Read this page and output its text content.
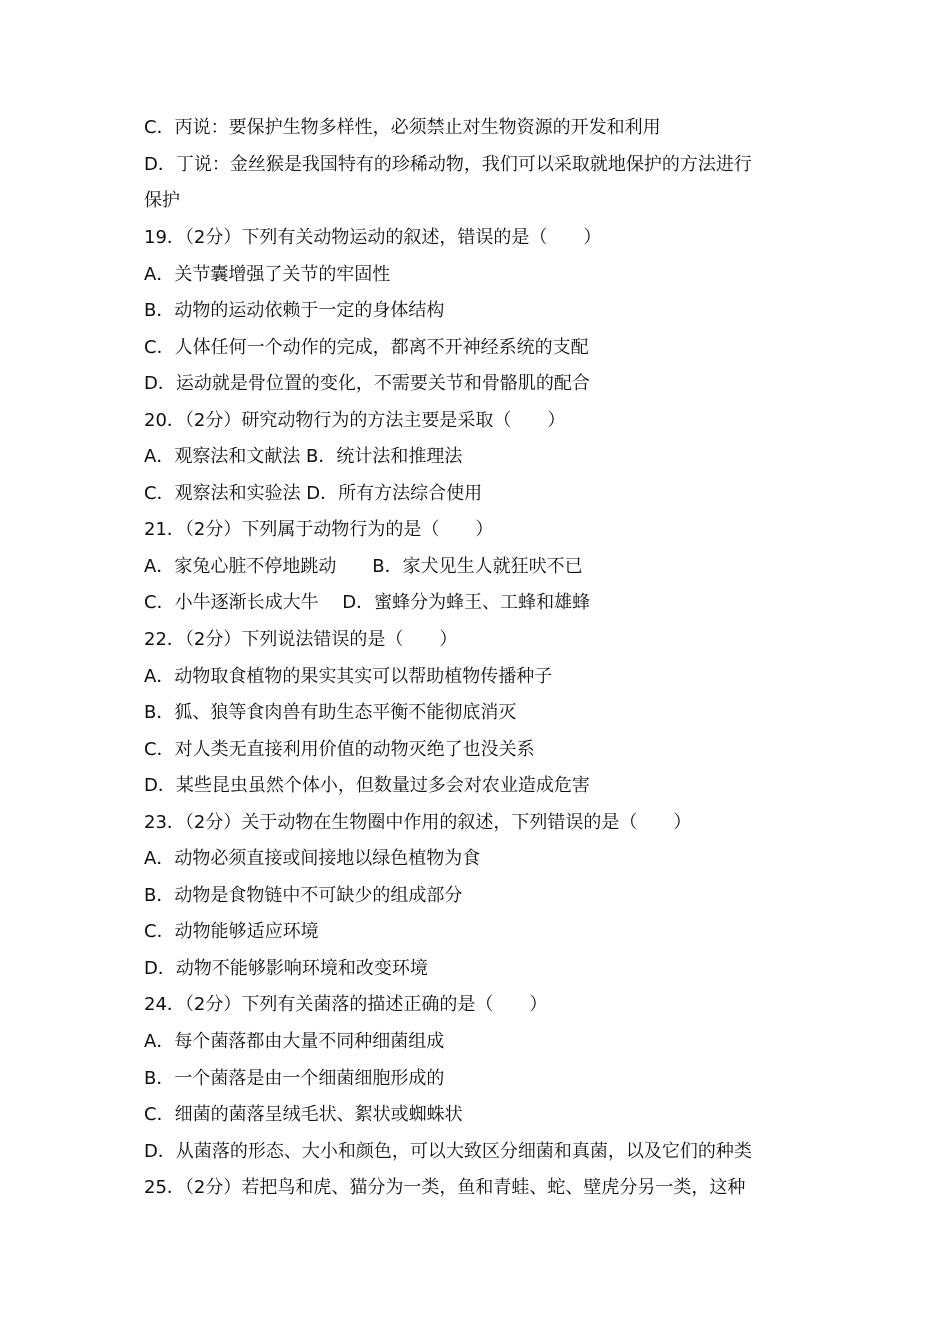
C．丙说：要保护生物多样性，必须禁止对生物资源的开发和利用
D．丁说：金丝猴是我国特有的珍稀动物，我们可以采取就地保护的方法进行
保护
19．（2分）下列有关动物运动的叙述，错误的是（　　）
A．关节囊增强了关节的牢固性
B．动物的运动依赖于一定的身体结构
C．人体任何一个动作的完成，都离不开神经系统的支配
D．运动就是骨位置的变化，不需要关节和骨骼肌的配合
20．（2分）研究动物行为的方法主要是采取（　　）
A．观察法和文献法 B．统计法和推理法
C．观察法和实验法 D．所有方法综合使用
21．（2分）下列属于动物行为的是（　　）
A．家兔心脏不停地跳动　　B．家犬见生人就狂吠不已
C．小牛逐渐长成大牛　 D．蜜蜂分为蜂王、工蜂和雄蜂
22．（2分）下列说法错误的是（　　）
A．动物取食植物的果实其实可以帮助植物传播种子
B．狐、狼等食肉兽有助生态平衡不能彻底消灭
C．对人类无直接利用价值的动物灭绝了也没关系
D．某些昆虫虽然个体小，但数量过多会对农业造成危害
23．（2分）关于动物在生物圈中作用的叙述，下列错误的是（　　）
A．动物必须直接或间接地以绿色植物为食
B．动物是食物链中不可缺少的组成部分
C．动物能够适应环境
D．动物不能够影响环境和改变环境
24．（2分）下列有关菌落的描述正确的是（　　）
A．每个菌落都由大量不同种细菌组成
B．一个菌落是由一个细菌细胞形成的
C．细菌的菌落呈绒毛状、絮状或蜘蛛状
D．从菌落的形态、大小和颜色，可以大致区分细菌和真菌，以及它们的种类
25．（2分）若把鸟和虎、猫分为一类，鱼和青蛙、蛇、壁虎分另一类，这种
